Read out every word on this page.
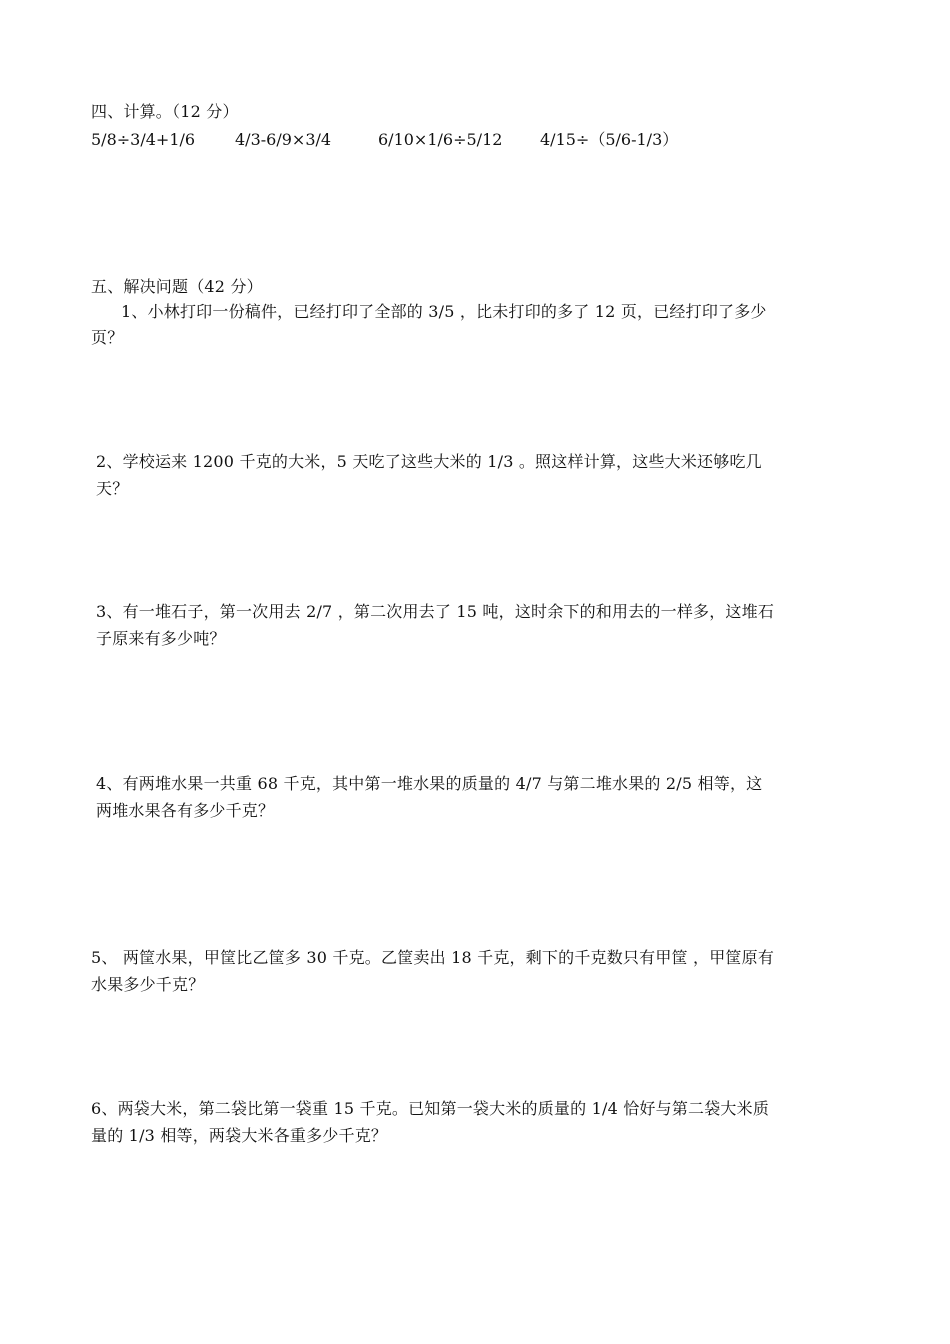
四、计算。（12 分）
5/8÷3/4+1/6 4/3-6/9×3/4	6/10×1/6÷5/12 4/15÷（5/6-1/3）
五、解决问题（42 分）
1、小林打印一份稿件，已经打印了全部的 3/5 ，比未打印的多了 12 页，已经打印了多少
页？
2、学校运来 1200 千克的大米，5 天吃了这些大米的 1/3 。照这样计算，这些大米还够吃几
天？
3、有一堆石子，第一次用去 2/7 ，第二次用去了 15 吨，这时余下的和用去的一样多，这堆石
子原来有多少吨？
4、有两堆水果一共重 68 千克，其中第一堆水果的质量的 4/7 与第二堆水果的 2/5 相等，这
两堆水果各有多少千克？
5、 两筐水果，甲筐比乙筐多 30 千克。乙筐卖出 18 千克，剩下的千克数只有甲筐 ，甲筐原有
水果多少千克？
6、两袋大米，第二袋比第一袋重 15 千克。已知第一袋大米的质量的 1/4 恰好与第二袋大米质
量的 1/3 相等，两袋大米各重多少千克？
